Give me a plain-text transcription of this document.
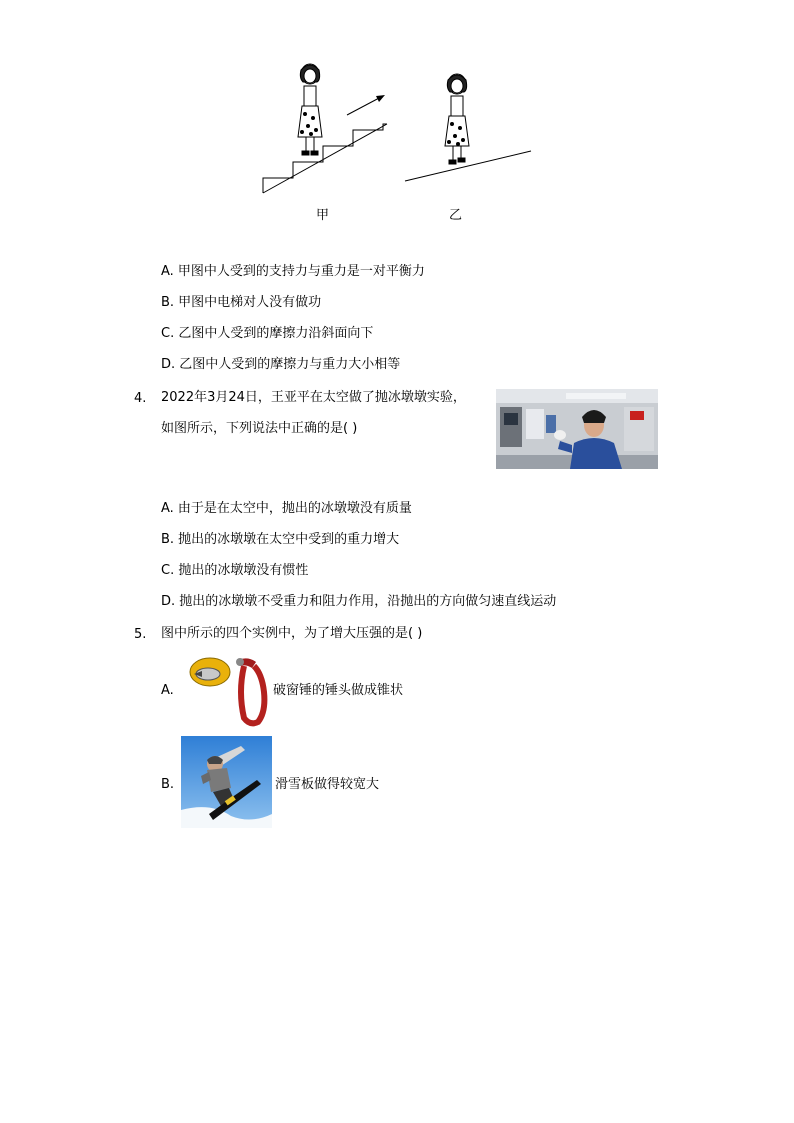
甲	乙
A. 甲图中人受到的支持力与重力是一对平衡力
B. 甲图中电梯对人没有做功
C. 乙图中人受到的摩擦力沿斜面向下
D. 乙图中人受到的摩擦力与重力大小相等
4. 2022年3月24日，王亚平在太空做了抛冰墩墩实验，
如图所示，下列说法中正确的是( )
A. 由于是在太空中，抛出的冰墩墩没有质量
B. 抛出的冰墩墩在太空中受到的重力增大
C. 抛出的冰墩墩没有惯性
D. 抛出的冰墩墩不受重力和阻力作用，沿抛出的方向做匀速直线运动
5. 图中所示的四个实例中，为了增大压强的是( )
A.	破窗锤的锤头做成锥状
B.	滑雪板做得较宽大
